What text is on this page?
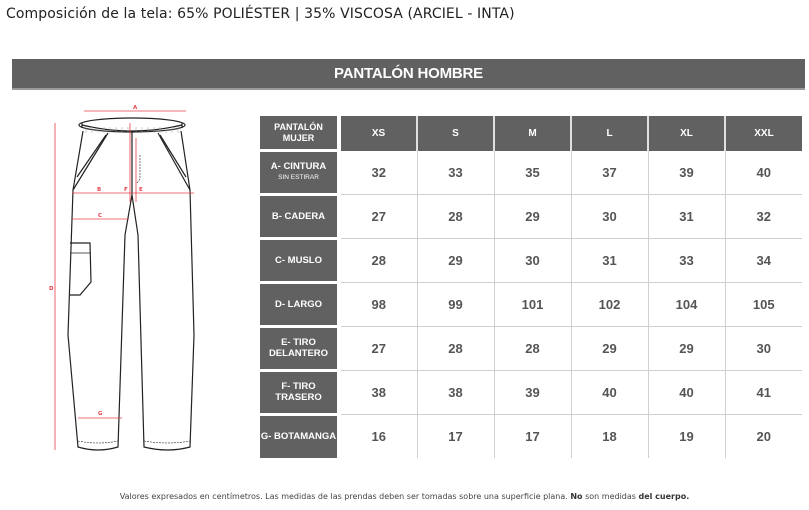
Composición de la tela: 65% POLIÉSTER | 35% VISCOSA (ARCIEL - INTA)
PANTALÓN HOMBRE
A
B	F E
C
D
G
PANTALÓN
MUJER	XS	S	M	L	XL	XXL
A- CINTURA
SIN ESTIRAR	32	33	35	37	39	40
B- CADERA	27	28	29	30	31	32
C- MUSLO	28	29	30	31	33	34
D- LARGO	98	99	101	102	104	105
E- TIRO
DELANTERO	27	28	28	29	29	30
F- TIRO
TRASERO	38	38	39	40	40	41
G- BOTAMANGA	16	17	17	18	19	20
Valores expresados en centímetros. Las medidas de las prendas deben ser tomadas sobre una superficie plana. No son medidas del cuerpo.
